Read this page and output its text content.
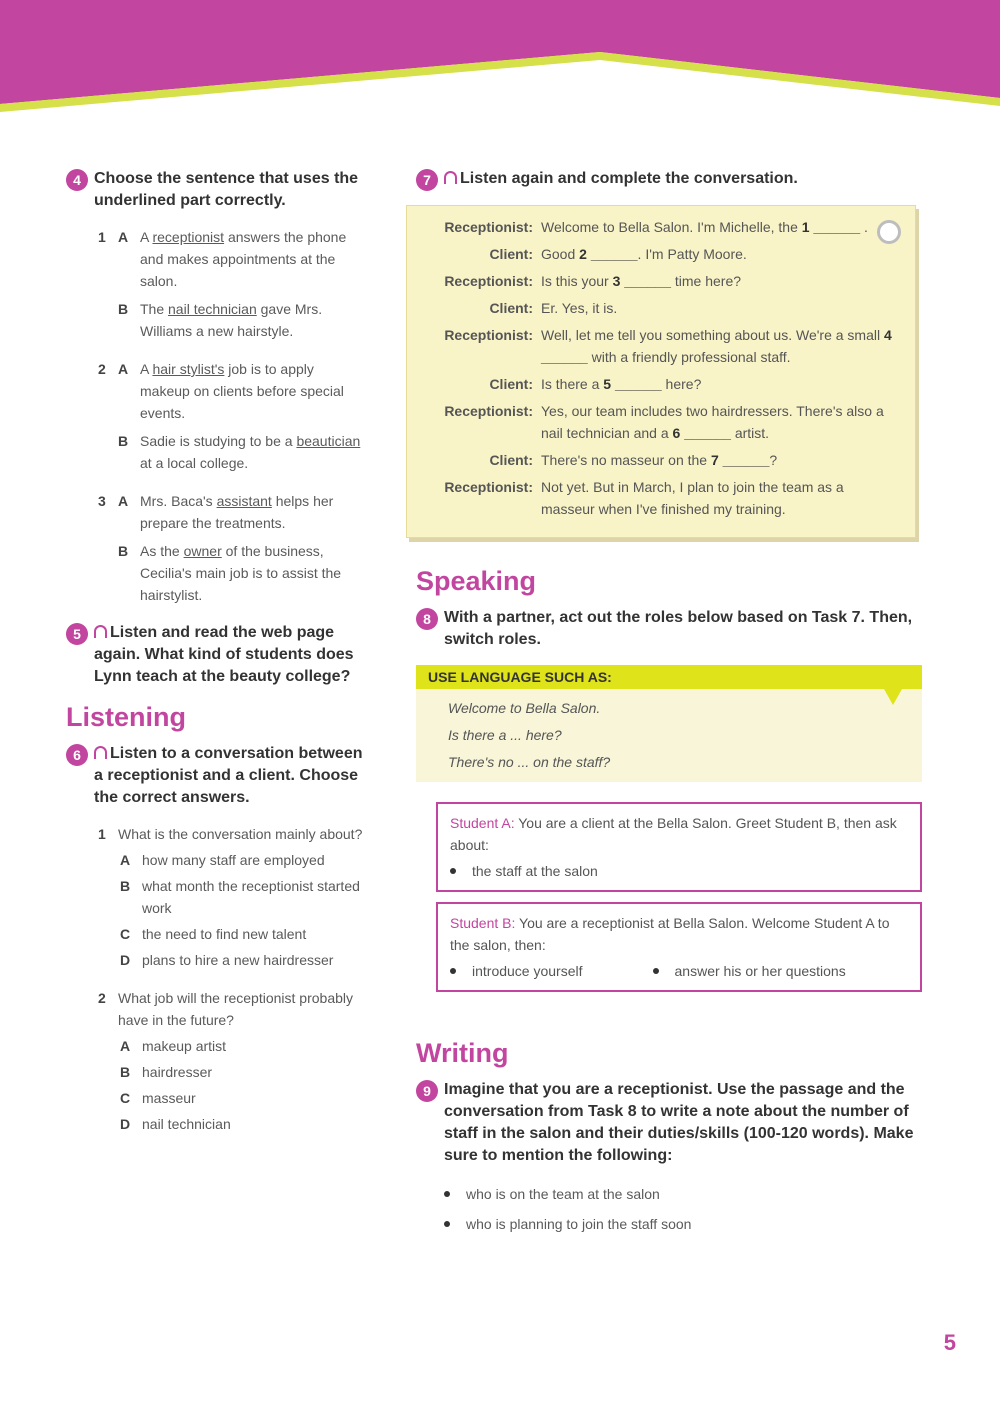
4 Choose the sentence that uses the underlined part correctly.
1 A A receptionist answers the phone and makes appointments at the salon.
B The nail technician gave Mrs. Williams a new hairstyle.
2 A A hair stylist's job is to apply makeup on clients before special events.
B Sadie is studying to be a beautician at a local college.
3 A Mrs. Baca's assistant helps her prepare the treatments.
B As the owner of the business, Cecilia's main job is to assist the hairstylist.
5	Listen and read the web page again. What kind of students does Lynn teach at the beauty college?
Listening
6	Listen to a conversation between a receptionist and a client. Choose the correct answers.
1 What is the conversation mainly about?
A how many staff are employed
B what month the receptionist started work
C the need to find new talent
D plans to hire a new hairdresser
2 What job will the receptionist probably have in the future?
A makeup artist
B hairdresser
C masseur
D nail technician
7	Listen again and complete the conversation.
Receptionist: Welcome to Bella Salon. I'm Michelle, the 1 ______ .
Client: Good 2 ______. I'm Patty Moore.
Receptionist: Is this your 3 ______ time here?
Client: Er. Yes, it is.
Receptionist: Well, let me tell you something about us. We're a small 4 ______ with a friendly professional staff.
Client: Is there a 5 ______ here?
Receptionist: Yes, our team includes two hairdressers. There's also a nail technician and a 6 ______ artist.
Client: There's no masseur on the 7 ______?
Receptionist: Not yet. But in March, I plan to join the team as a masseur when I've finished my training.
Speaking
8 With a partner, act out the roles below based on Task 7. Then, switch roles.
USE LANGUAGE SUCH AS:
Welcome to Bella Salon.
Is there a ... here?
There's no ... on the staff?
Student A: You are a client at the Bella Salon. Greet Student B, then ask about:
the staff at the salon
Student B: You are a receptionist at Bella Salon. Welcome Student A to the salon, then:
introduce yourself	answer his or her questions
Writing
9 Imagine that you are a receptionist. Use the passage and the conversation from Task 8 to write a note about the number of staff in the salon and their duties/skills (100-120 words). Make sure to mention the following:
who is on the team at the salon
who is planning to join the staff soon
5
